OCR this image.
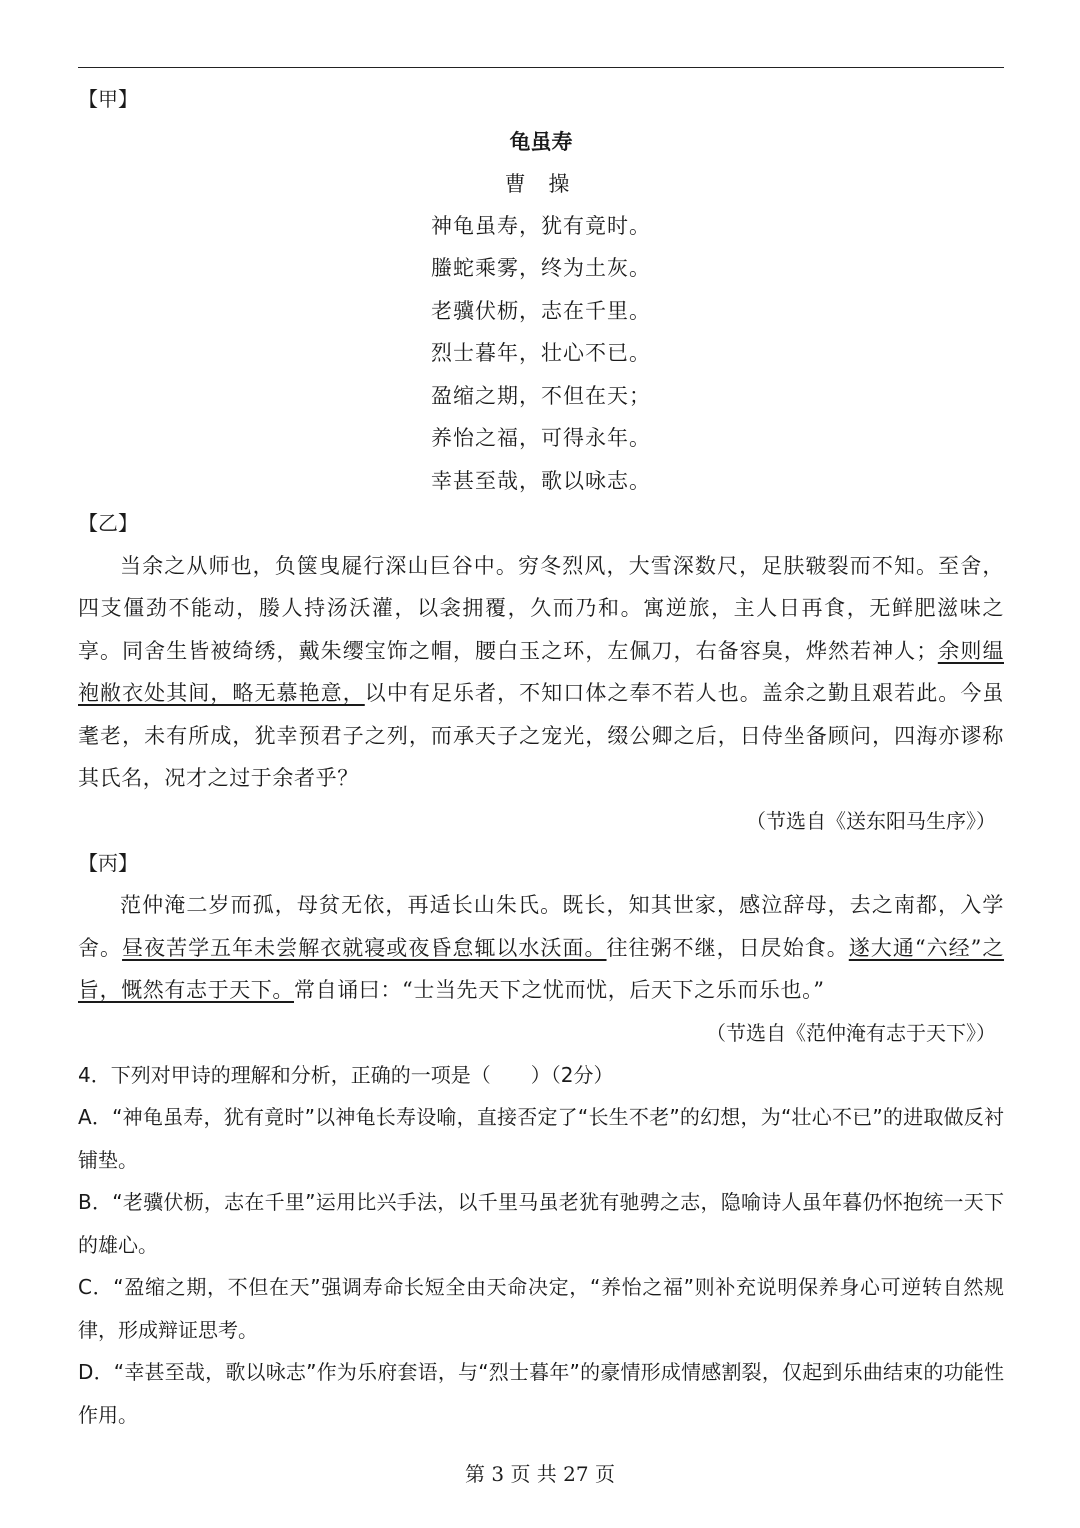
【甲】
龟虽寿
曹 操
神龟虽寿，犹有竟时。
螣蛇乘雾，终为土灰。
老骥伏枥，志在千里。
烈士暮年，壮心不已。
盈缩之期，不但在天；
养怡之福，可得永年。
幸甚至哉，歌以咏志。
【乙】
当余之从师也，负箧曳屣行深山巨谷中。穷冬烈风，大雪深数尺，足肤皲裂而不知。至舍，四支僵劲不能动，媵人持汤沃灌，以衾拥覆，久而乃和。寓逆旅，主人日再食，无鲜肥滋味之享。同舍生皆被绮绣，戴朱缨宝饰之帽，腰白玉之环，左佩刀，右备容臭，烨然若神人；余则缊袍敝衣处其间，略无慕艳意，以中有足乐者，不知口体之奉不若人也。盖余之勤且艰若此。今虽耄老，未有所成，犹幸预君子之列，而承天子之宠光，缀公卿之后，日侍坐备顾问，四海亦谬称其氏名，况才之过于余者乎？
（节选自《送东阳马生序》）
【丙】
范仲淹二岁而孤，母贫无依，再适长山朱氏。既长，知其世家，感泣辞母，去之南都，入学舍。昼夜苦学五年未尝解衣就寝或夜昏怠辄以水沃面。往往粥不继，日昃始食。遂大通“六经”之旨，慨然有志于天下。常自诵曰：“士当先天下之忧而忧，后天下之乐而乐也。”
（节选自《范仲淹有志于天下》）
4．下列对甲诗的理解和分析，正确的一项是（　　）（2分）
A．“神龟虽寿，犹有竟时”以神龟长寿设喻，直接否定了“长生不老”的幻想，为“壮心不已”的进取做反衬铺垫。
B．“老骥伏枥，志在千里”运用比兴手法，以千里马虽老犹有驰骋之志，隐喻诗人虽年暮仍怀抱统一天下的雄心。
C．“盈缩之期，不但在天”强调寿命长短全由天命决定，“养怡之福”则补充说明保养身心可逆转自然规律，形成辩证思考。
D．“幸甚至哉，歌以咏志”作为乐府套语，与“烈士暮年”的豪情形成情感割裂，仅起到乐曲结束的功能性作用。
第 3 页 共 27 页
